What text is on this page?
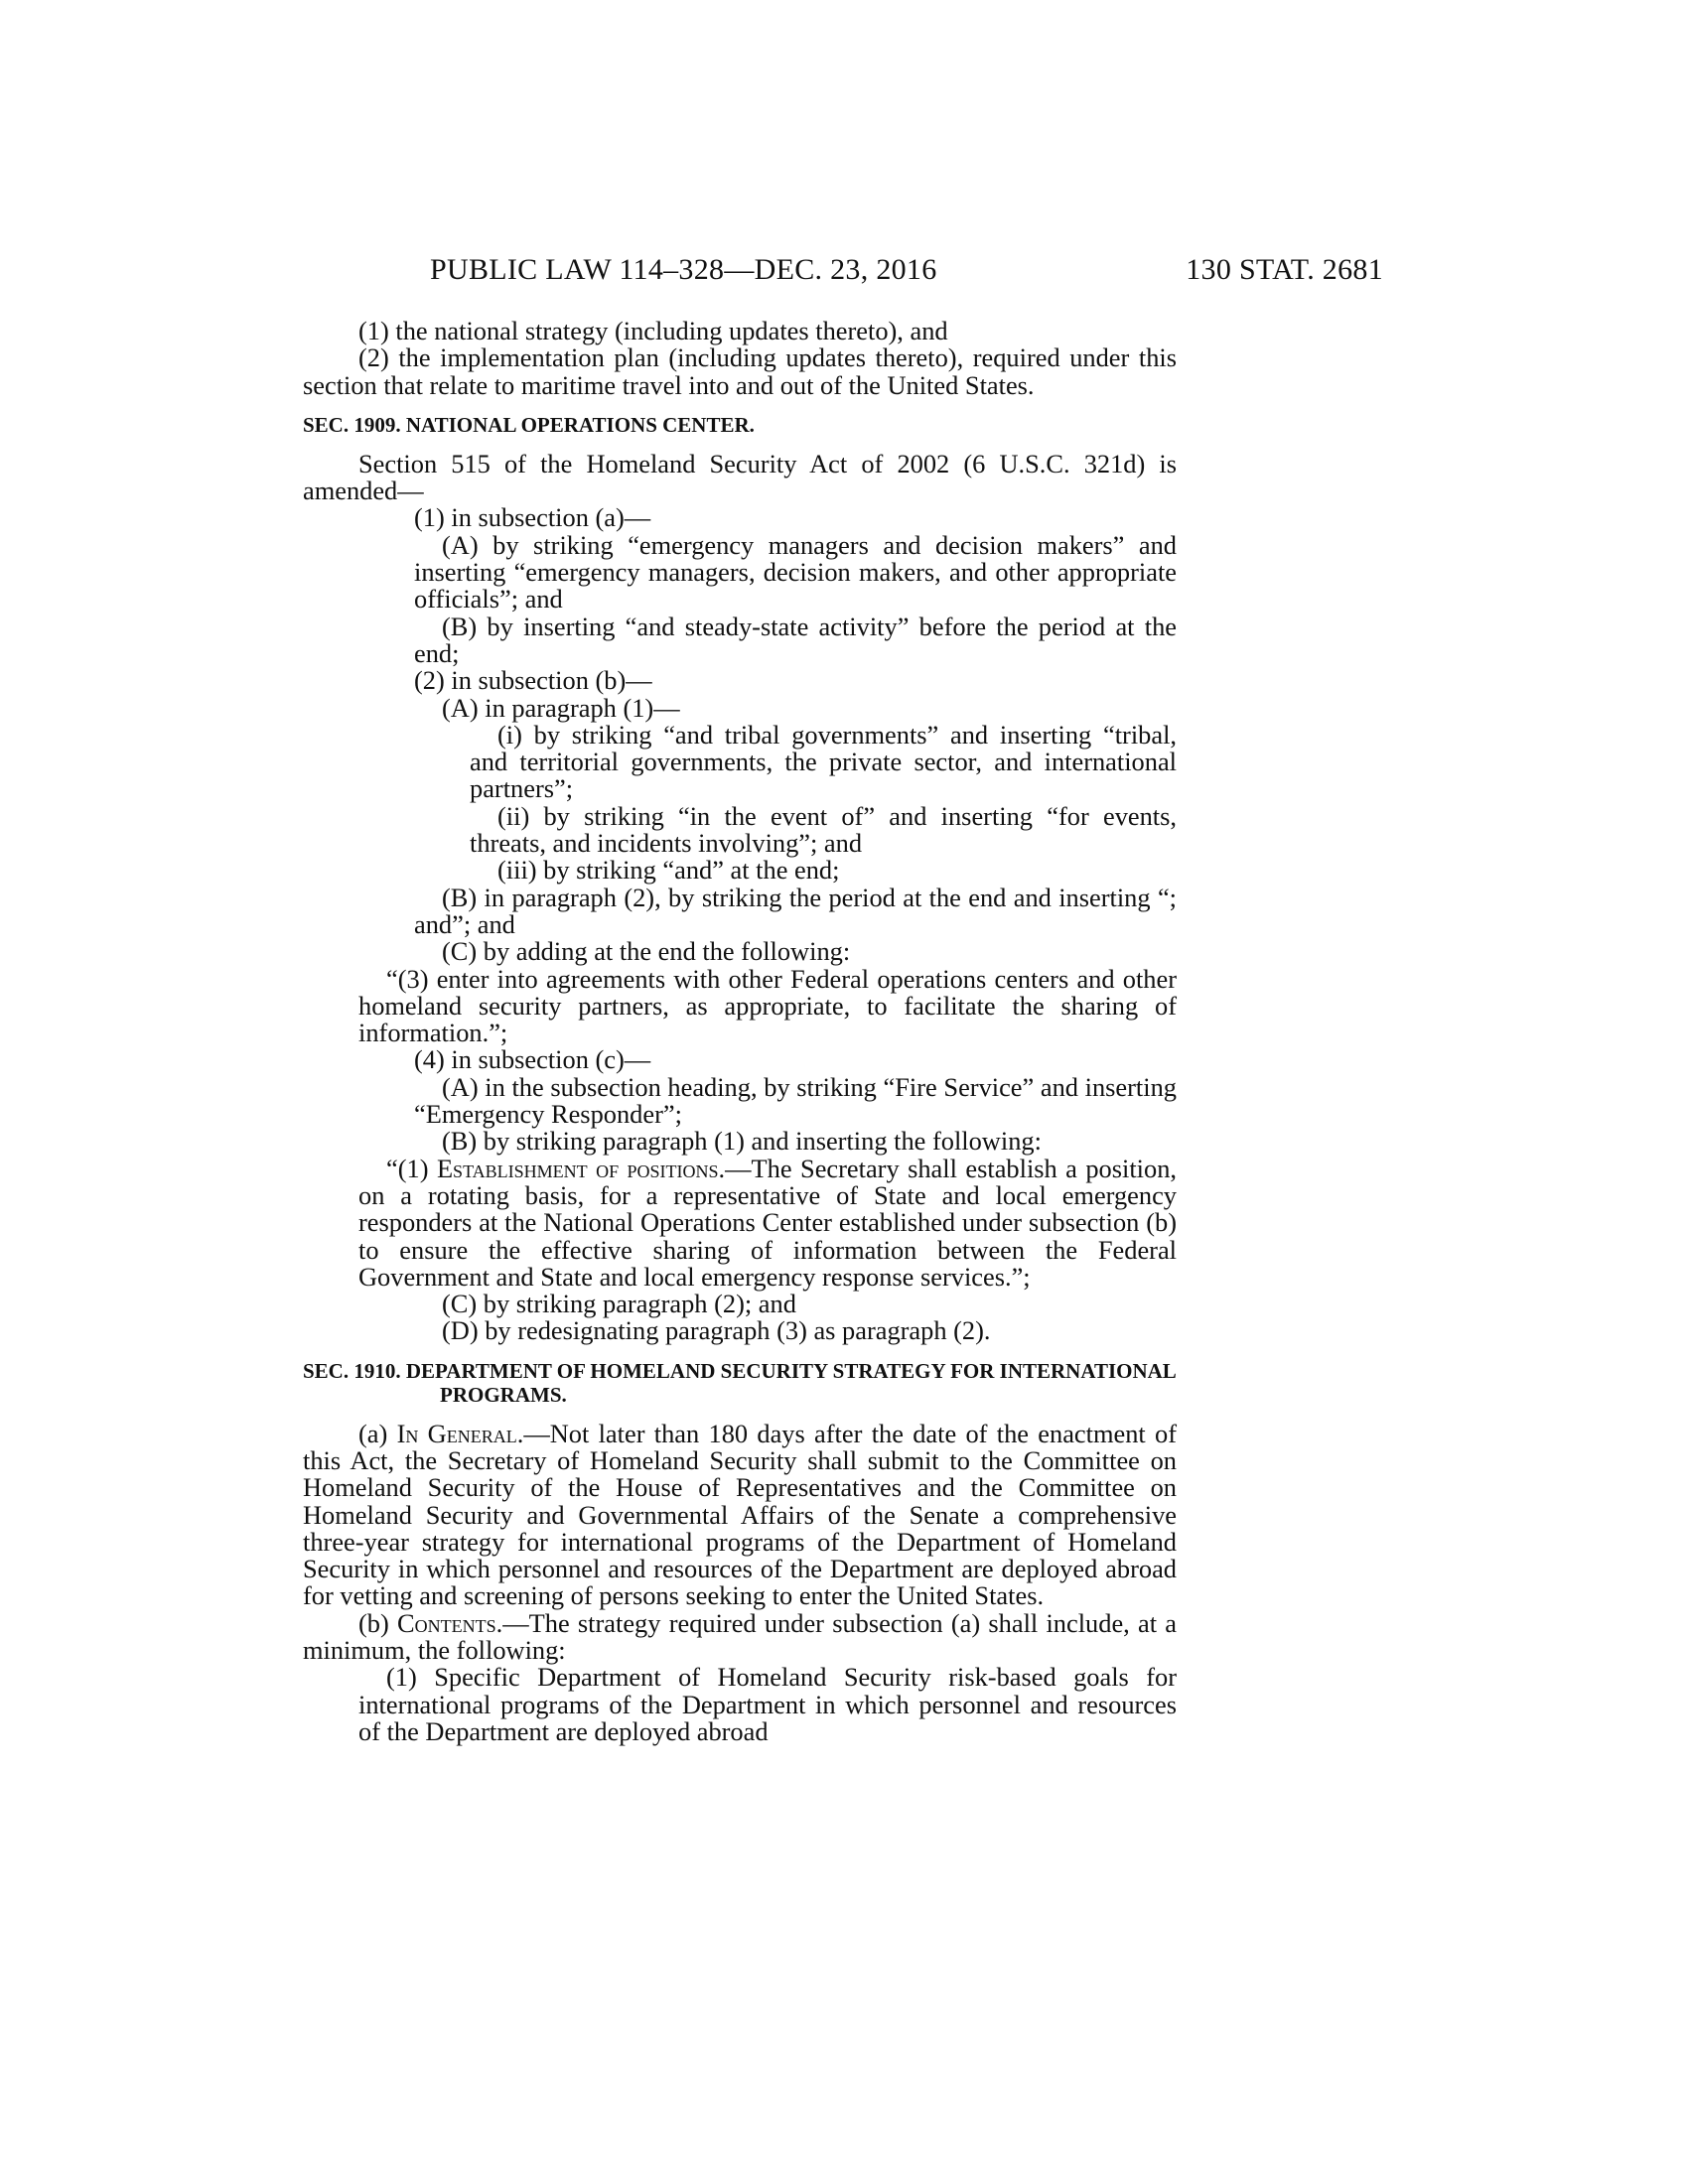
PUBLIC LAW 114–328—DEC. 23, 2016	130 STAT. 2681

(1) the national strategy (including updates thereto), and

(2) the implementation plan (including updates thereto), required under this section that relate to maritime travel into and out of the United States.

SEC. 1909. NATIONAL OPERATIONS CENTER.

Section 515 of the Homeland Security Act of 2002 (6 U.S.C. 321d) is amended—

(1) in subsection (a)—

(A) by striking “emergency managers and decision makers” and inserting “emergency managers, decision makers, and other appropriate officials”; and

(B) by inserting “and steady-state activity” before the period at the end;

(2) in subsection (b)—

(A) in paragraph (1)—

(i) by striking “and tribal governments” and inserting “tribal, and territorial governments, the private sector, and international partners”;

(ii) by striking “in the event of” and inserting “for events, threats, and incidents involving”; and

(iii) by striking “and” at the end;

(B) in paragraph (2), by striking the period at the end and inserting “; and”; and

(C) by adding at the end the following:

“(3) enter into agreements with other Federal operations centers and other homeland security partners, as appropriate, to facilitate the sharing of information.”;

(4) in subsection (c)—

(A) in the subsection heading, by striking “Fire Service” and inserting “Emergency Responder”;

(B) by striking paragraph (1) and inserting the following:

“(1) Establishment of positions.—The Secretary shall establish a position, on a rotating basis, for a representative of State and local emergency responders at the National Operations Center established under subsection (b) to ensure the effective sharing of information between the Federal Government and State and local emergency response services.”;

(C) by striking paragraph (2); and

(D) by redesignating paragraph (3) as paragraph (2).

SEC. 1910. DEPARTMENT OF HOMELAND SECURITY STRATEGY FOR INTERNATIONAL PROGRAMS.

(a) In General.—Not later than 180 days after the date of the enactment of this Act, the Secretary of Homeland Security shall submit to the Committee on Homeland Security of the House of Representatives and the Committee on Homeland Security and Governmental Affairs of the Senate a comprehensive three-year strategy for international programs of the Department of Homeland Security in which personnel and resources of the Department are deployed abroad for vetting and screening of persons seeking to enter the United States.

(b) Contents.—The strategy required under subsection (a) shall include, at a minimum, the following:

(1) Specific Department of Homeland Security risk-based goals for international programs of the Department in which personnel and resources of the Department are deployed abroad
